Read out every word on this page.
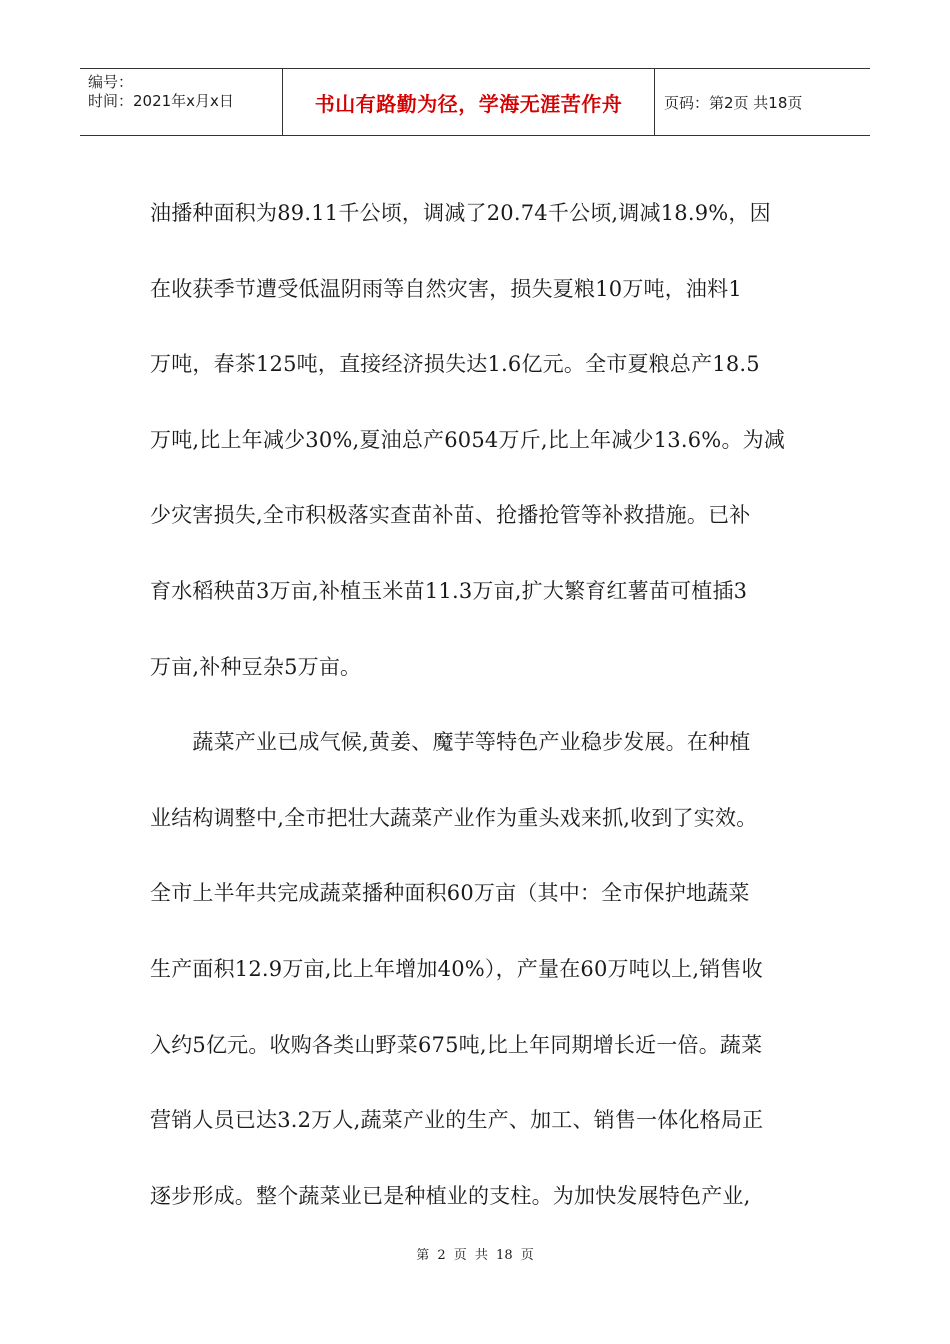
编号：
时间：2021年x月x日	书山有路勤为径，学海无涯苦作舟	页码：第2页 共18页
油播种面积为89.11千公顷，调减了20.74千公顷,调减18.9%，因
在收获季节遭受低温阴雨等自然灾害，损失夏粮10万吨，油料1
万吨，春茶125吨，直接经济损失达1.6亿元。全市夏粮总产18.5
万吨,比上年减少30%,夏油总产6054万斤,比上年减少13.6%。为减
少灾害损失,全市积极落实查苗补苗、抢播抢管等补救措施。已补
育水稻秧苗3万亩,补植玉米苗11.3万亩,扩大繁育红薯苗可植插3
万亩,补种豆杂5万亩。
　　蔬菜产业已成气候,黄姜、魔芋等特色产业稳步发展。在种植
业结构调整中,全市把壮大蔬菜产业作为重头戏来抓,收到了实效。
全市上半年共完成蔬菜播种面积60万亩（其中：全市保护地蔬菜
生产面积12.9万亩,比上年增加40%），产量在60万吨以上,销售收
入约5亿元。收购各类山野菜675吨,比上年同期增长近一倍。蔬菜
营销人员已达3.2万人,蔬菜产业的生产、加工、销售一体化格局正
逐步形成。整个蔬菜业已是种植业的支柱。为加快发展特色产业,
第 2 页 共 18 页
